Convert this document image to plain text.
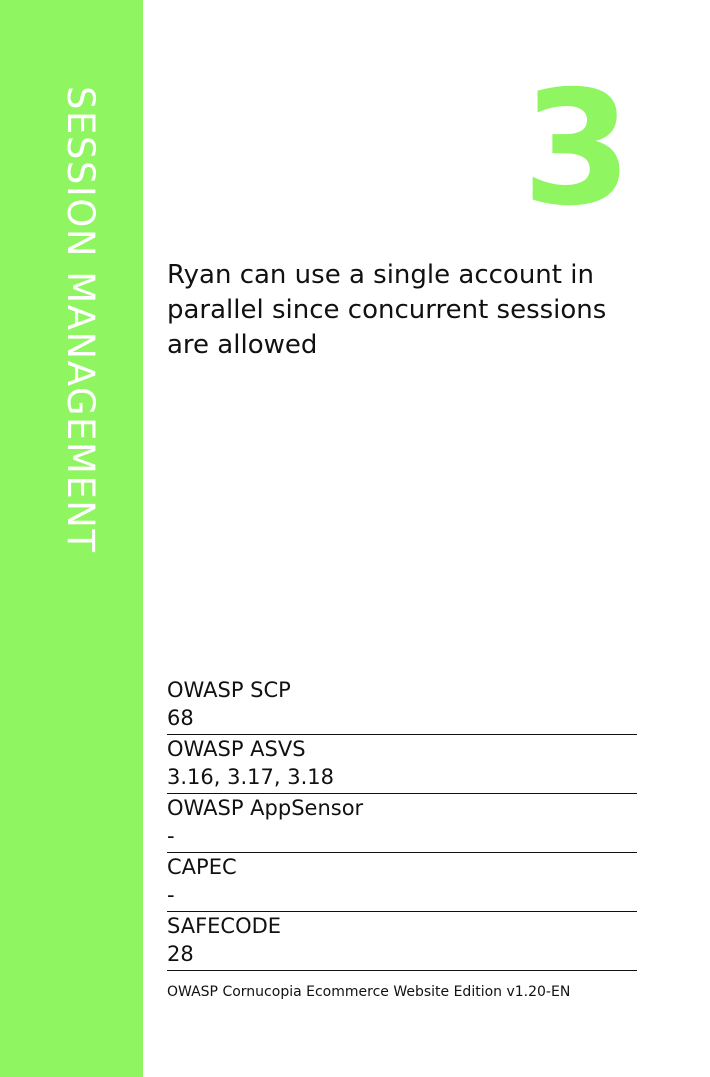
SESSION MANAGEMENT	3
Ryan can use a single account in parallel since concurrent sessions are allowed
OWASP SCP
68
OWASP ASVS
3.16, 3.17, 3.18
OWASP AppSensor
-
CAPEC
-
SAFECODE
28
OWASP Cornucopia Ecommerce Website Edition v1.20-EN
